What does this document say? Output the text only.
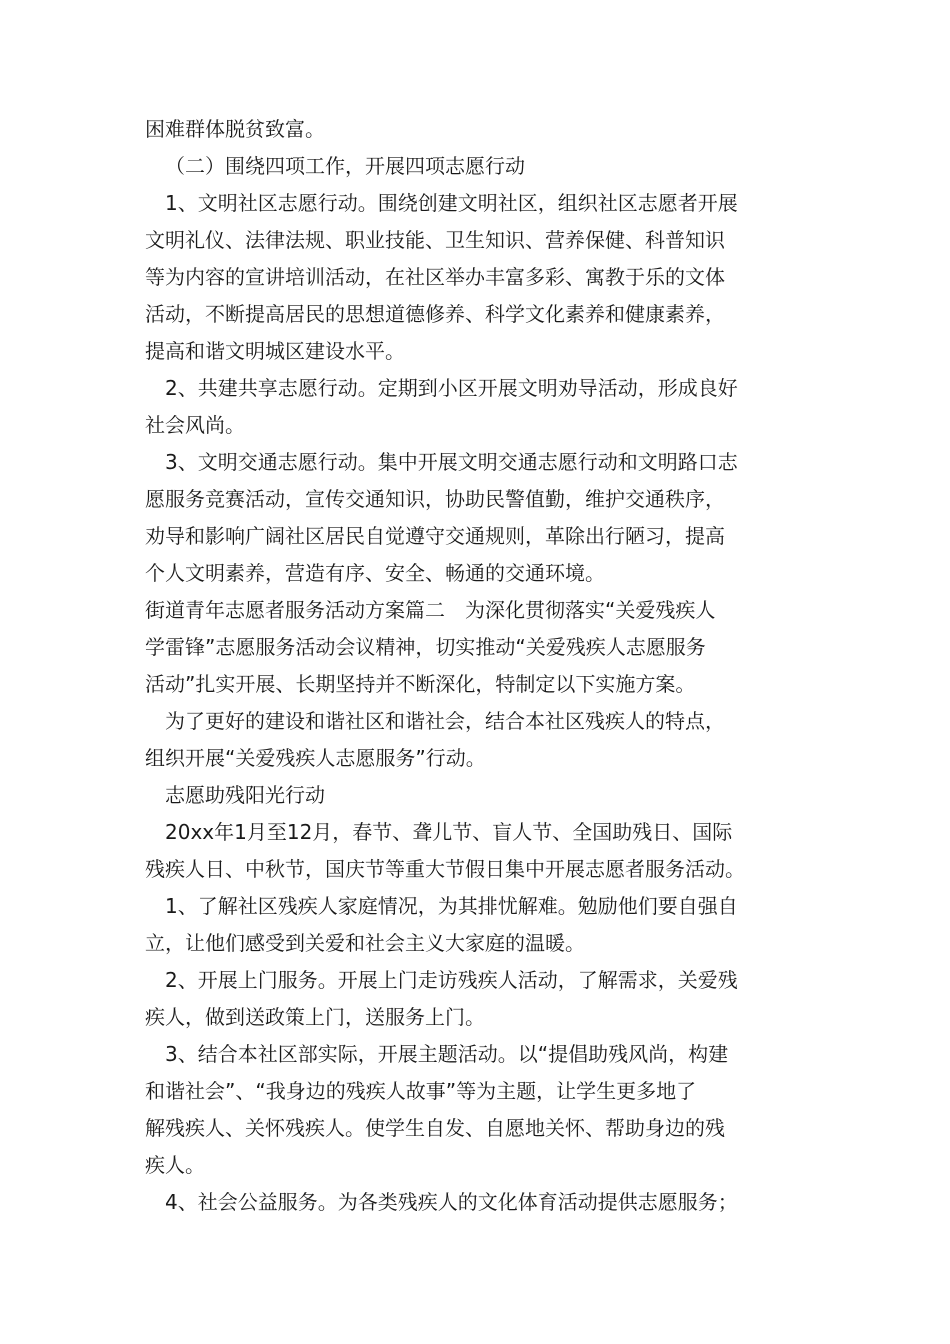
困难群体脱贫致富。
（二）围绕四项工作，开展四项志愿行动
1、文明社区志愿行动。围绕创建文明社区，组织社区志愿者开展
文明礼仪、法律法规、职业技能、卫生知识、营养保健、科普知识
等为内容的宣讲培训活动，在社区举办丰富多彩、寓教于乐的文体
活动，不断提高居民的思想道德修养、科学文化素养和健康素养，
提高和谐文明城区建设水平。
2、共建共享志愿行动。定期到小区开展文明劝导活动，形成良好
社会风尚。
3、文明交通志愿行动。集中开展文明交通志愿行动和文明路口志
愿服务竞赛活动，宣传交通知识，协助民警值勤，维护交通秩序，
劝导和影响广阔社区居民自觉遵守交通规则，革除出行陋习，提高
个人文明素养，营造有序、安全、畅通的交通环境。
街道青年志愿者服务活动方案篇二　为深化贯彻落实“关爱残疾人
学雷锋”志愿服务活动会议精神，切实推动“关爱残疾人志愿服务
活动”扎实开展、长期坚持并不断深化，特制定以下实施方案。
为了更好的建设和谐社区和谐社会，结合本社区残疾人的特点，
组织开展“关爱残疾人志愿服务”行动。
志愿助残阳光行动
20xx年1月至12月，春节、聋儿节、盲人节、全国助残日、国际
残疾人日、中秋节，国庆节等重大节假日集中开展志愿者服务活动。
1、了解社区残疾人家庭情况，为其排忧解难。勉励他们要自强自
立，让他们感受到关爱和社会主义大家庭的温暖。
2、开展上门服务。开展上门走访残疾人活动，了解需求，关爱残
疾人，做到送政策上门，送服务上门。
3、结合本社区部实际，开展主题活动。以“提倡助残风尚，构建
和谐社会”、“我身边的残疾人故事”等为主题，让学生更多地了
解残疾人、关怀残疾人。使学生自发、自愿地关怀、帮助身边的残
疾人。
4、社会公益服务。为各类残疾人的文化体育活动提供志愿服务；
